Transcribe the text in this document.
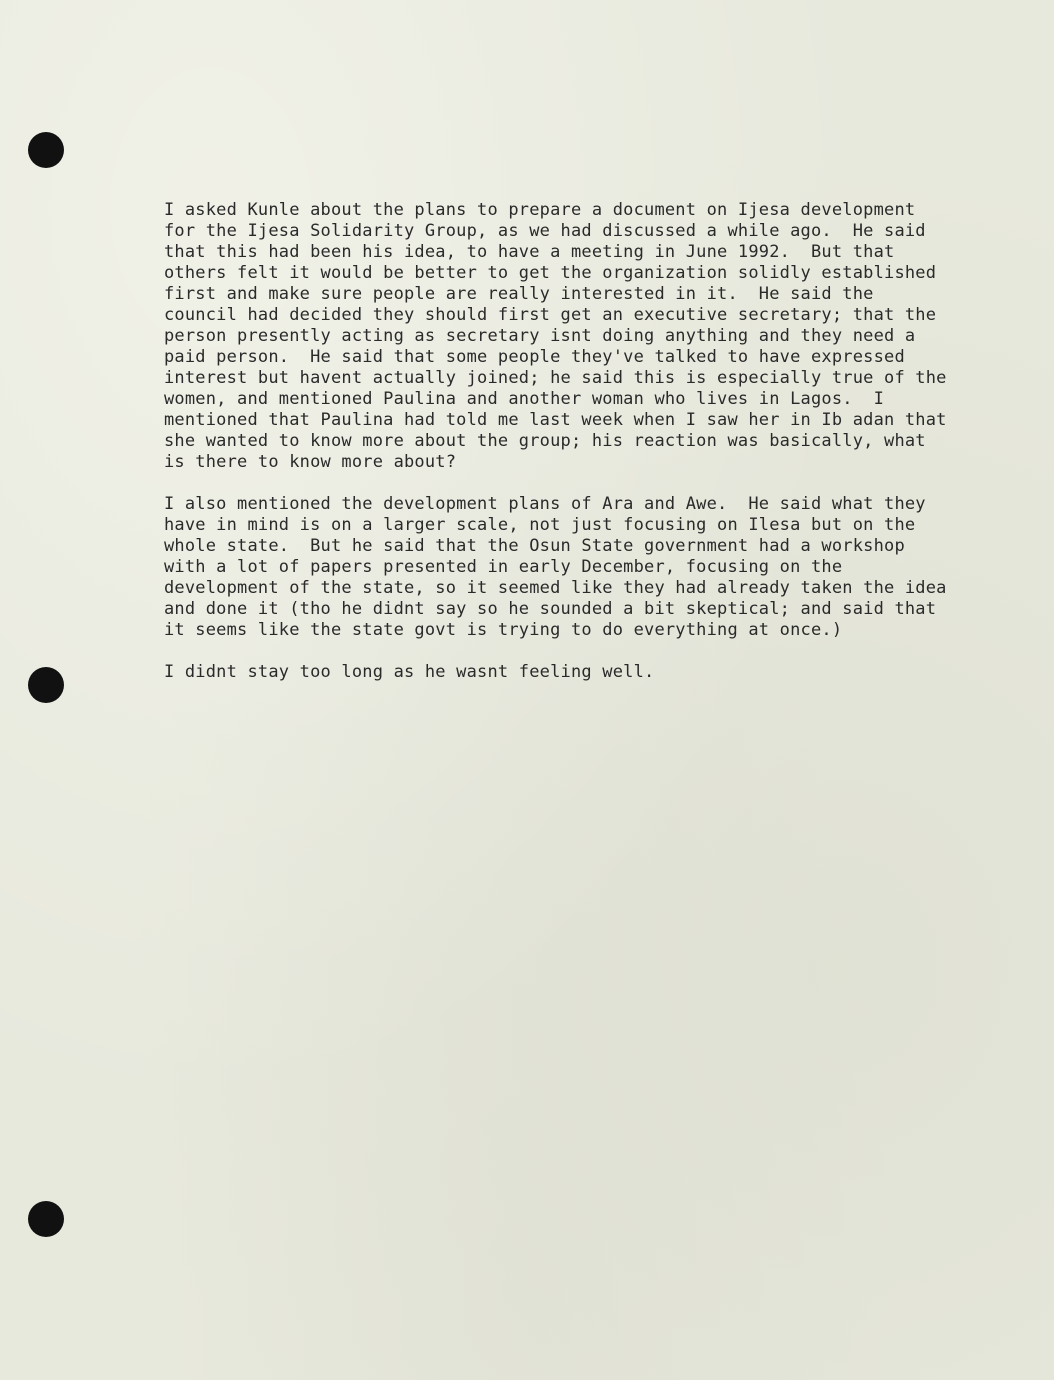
I asked Kunle about the plans to prepare a document on Ijesa development
for the Ijesa Solidarity Group, as we had discussed a while ago.  He said
that this had been his idea, to have a meeting in June 1992.  But that
others felt it would be better to get the organization solidly established
first and make sure people are really interested in it.  He said the
council had decided they should first get an executive secretary; that the
person presently acting as secretary isnt doing anything and they need a
paid person.  He said that some people they've talked to have expressed
interest but havent actually joined; he said this is especially true of the
women, and mentioned Paulina and another woman who lives in Lagos.  I
mentioned that Paulina had told me last week when I saw her in Ib adan that
she wanted to know more about the group; his reaction was basically, what
is there to know more about?
I also mentioned the development plans of Ara and Awe.  He said what they
have in mind is on a larger scale, not just focusing on Ilesa but on the
whole state.  But he said that the Osun State government had a workshop
with a lot of papers presented in early December, focusing on the
development of the state, so it seemed like they had already taken the idea
and done it (tho he didnt say so he sounded a bit skeptical; and said that
it seems like the state govt is trying to do everything at once.)
I didnt stay too long as he wasnt feeling well.
